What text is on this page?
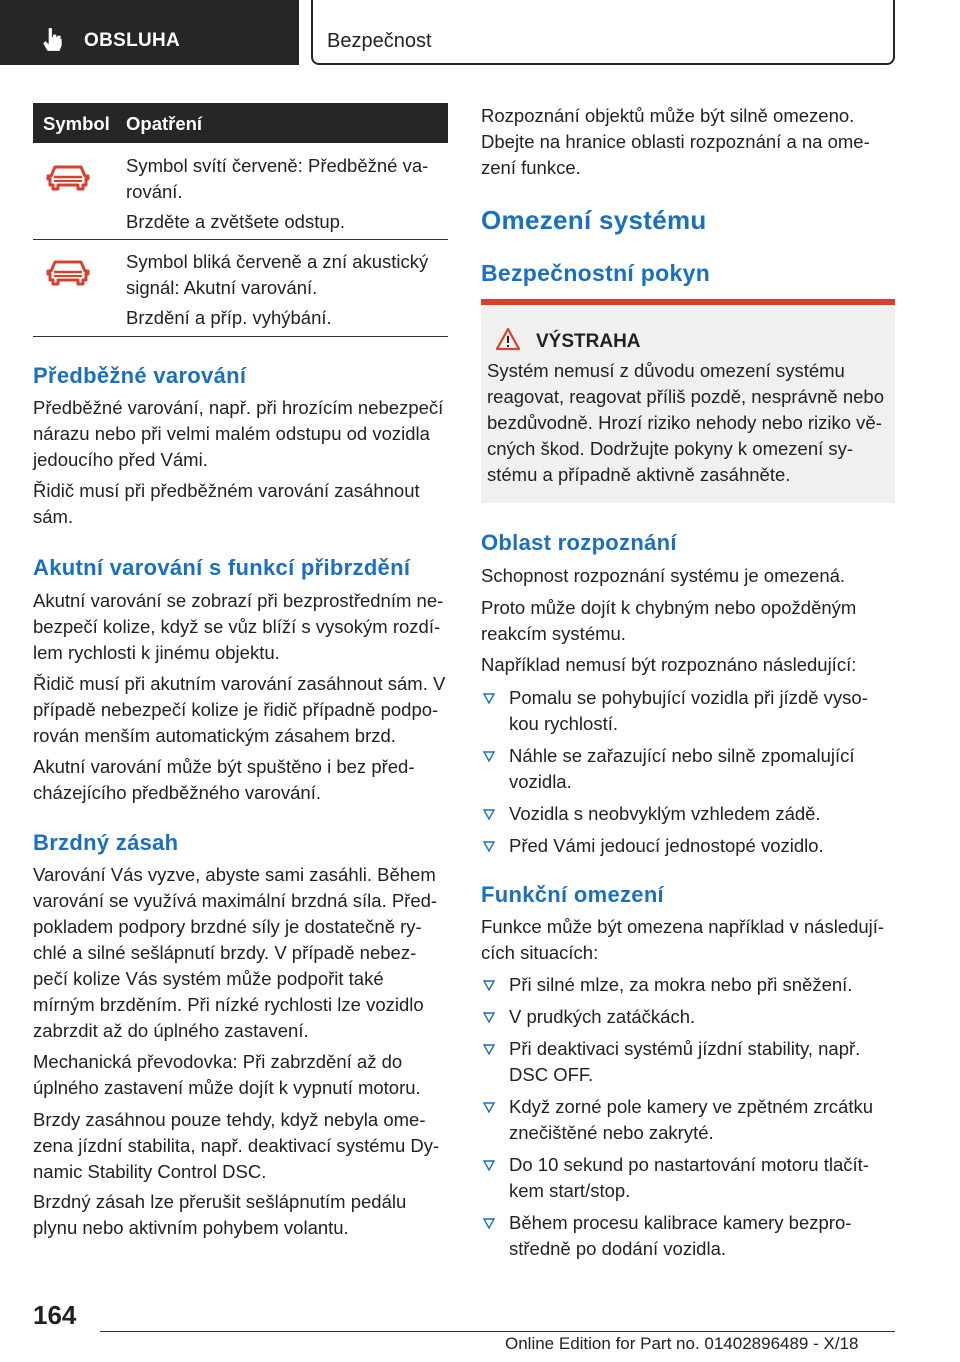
OBSLUHA	Bezpečnost
Symbol Opatření

Symbol svítí červeně: Předběžné va-
rování.

Brzděte a zvětšete odstup.

Symbol bliká červeně a zní akustický
signál: Akutní varování.

Brzdění a příp. vyhýbání.

Předběžné varování

Předběžné varování, např. při hrozícím nebezpečí
nárazu nebo při velmi malém odstupu od vozidla
jedoucího před Vámi.

Řidič musí při předběžném varování zasáhnout
sám.

Akutní varování s funkcí přibrzdění

Akutní varování se zobrazí při bezprostředním ne-
bezpečí kolize, když se vůz blíží s vysokým rozdí-
lem rychlosti k jinému objektu.

Řidič musí při akutním varování zasáhnout sám. V
případě nebezpečí kolize je řidič případně podpo-
rován menším automatickým zásahem brzd.

Akutní varování může být spuštěno i bez před-
cházejícího předběžného varování.

Brzdný zásah

Varování Vás vyzve, abyste sami zasáhli. Během
varování se využívá maximální brzdná síla. Před-
pokladem podpory brzdné síly je dostatečně ry-
chlé a silné sešlápnutí brzdy. V případě nebez-
pečí kolize Vás systém může podpořit také
mírným brzděním. Při nízké rychlosti lze vozidlo
zabrzdit až do úplného zastavení.

Mechanická převodovka: Při zabrzdění až do
úplného zastavení může dojít k vypnutí motoru.

Brzdy zasáhnou pouze tehdy, když nebyla ome-
zena jízdní stabilita, např. deaktivací systému Dy-
namic Stability Control DSC.

Brzdný zásah lze přerušit sešlápnutím pedálu
plynu nebo aktivním pohybem volantu.

Rozpoznání objektů může být silně omezeno.
Dbejte na hranice oblasti rozpoznání a na ome-
zení funkce.

Omezení systému
Bezpečnostní pokyn
VÝSTRAHA

Systém nemusí z důvodu omezení systému
reagovat, reagovat příliš pozdě, nesprávně nebo
bezdůvodně. Hrozí riziko nehody nebo riziko vě-
cných škod. Dodržujte pokyny k omezení sy-
stému a případně aktivně zasáhněte.

Oblast rozpoznání

Schopnost rozpoznání systému je omezená.

Proto může dojít k chybným nebo opožděným
reakcím systému.

Například nemusí být rozpoznáno následující:

Pomalu se pohybující vozidla při jízdě vyso-
kou rychlostí.
Náhle se zařazující nebo silně zpomalující
vozidla.
Vozidla s neobvyklým vzhledem zádě.
Před Vámi jedoucí jednostopé vozidlo.
Funkční omezení

Funkce může být omezena například v následují-
cích situacích:

Při silné mlze, za mokra nebo při sněžení.
V prudkých zatáčkách.
Při deaktivaci systémů jízdní stability, např.
DSC OFF.
Když zorné pole kamery ve zpětném zrcátku
znečištěné nebo zakryté.
Do 10 sekund po nastartování motoru tlačít-
kem start/stop.
Během procesu kalibrace kamery bezpro-
středně po dodání vozidla.
164
Online Edition for Part no. 01402896489 - X/18
